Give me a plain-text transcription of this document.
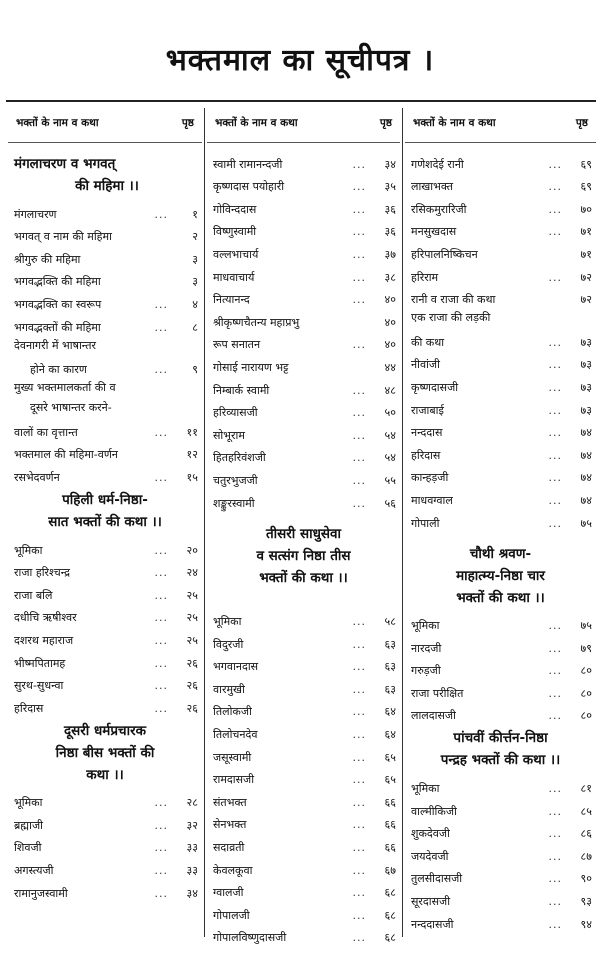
भक्तमाल का सूचीपत्र ।
भक्तों के नाम व कथा	पृष्ठ
मंगलाचरण व भगवत्
की महिमा ।।
मंगलाचरण	...	१
भगवत् व नाम की महिमा	२
श्रीगुरु की महिमा	३
भगवद्भक्ति की महिमा	३
भगवद्भक्ति का स्वरूप	...	४
भगवद्भक्तों की महिमा	...	८
देवनागरी में भाषान्तर
होने का कारण	...	९
मुख्य भक्तमालकर्ता की व
दूसरे भाषान्तर करने-
वालों का वृत्तान्त	...	११
भक्तमाल की महिमा-वर्णन	१२
रसभेदवर्णन	...	१५
पहिली धर्म-निष्ठा-
सात भक्तों की कथा ।।
भूमिका	...	२०
राजा हरिश्चन्द्र	...	२४
राजा बलि	...	२५
दधीचि ऋषीश्वर	...	२५
दशरथ महाराज	...	२५
भीष्मपितामह	...	२६
सुरथ-सुधन्वा	...	२६
हरिदास	...	२६
दूसरी धर्मप्रचारक
निष्ठा बीस भक्तों की
कथा ।।
भूमिका	...	२८
ब्रह्माजी	...	३२
शिवजी	...	३३
अगस्त्यजी	...	३३
रामानुजस्वामी	...	३४
भक्तों के नाम व कथा	पृष्ठ
स्वामी रामानन्दजी	...	३४
कृष्णदास पयोहारी	...	३५
गोविन्ददास	...	३६
विष्णुस्वामी	...	३६
वल्लभाचार्य	...	३७
माधवाचार्य	...	३८
नित्यानन्द	...	४०
श्रीकृष्णचैतन्य महाप्रभु	४०
रूप सनातन	...	४०
गोसाई नारायण भट्ट	४४
निम्बार्क स्वामी	...	४८
हरिव्यासजी	...	५०
सोभूराम	...	५४
हितहरिवंशजी	...	५४
चतुरभुजजी	...	५५
शङ्कुरस्वामी	...	५६
तीसरी साधुसेवा
व सत्संग निष्ठा तीस
भक्तों की कथा ।।
भूमिका	...	५८
विदुरजी	...	६३
भगवानदास	...	६३
वारमुखी	...	६३
तिलोकजी	...	६४
तिलोचनदेव	...	६४
जसूस्वामी	...	६५
रामदासजी	...	६५
संतभक्त	...	६६
सेनभक्त	...	६६
सदाव्रती	...	६६
केवलकूवा	...	६७
ग्वालजी	...	६८
गोपालजी	...	६८
गोपालविष्णुदासजी	...	६८
भक्तों के नाम व कथा	पृष्ठ
गणेशदेई रानी	...	६९
लाखाभक्त	...	६९
रसिकमुरारिजी	...	७०
मनसुखदास	...	७१
हरिपालनिष्किचन	७१
हरिराम	...	७२
रानी व राजा की कथा	७२
एक राजा की लड़की
की कथा	...	७३
नीवांजी	...	७३
कृष्णदासजी	...	७३
राजाबाई	...	७३
नन्ददास	...	७४
हरिदास	...	७४
कान्हड़जी	...	७४
माधवग्वाल	...	७४
गोपाली	...	७५
चौथी श्रवण-
माहात्म्य-निष्ठा चार
भक्तों की कथा ।।
भूमिका	...	७५
नारदजी	...	७९
गरुड़जी	...	८०
राजा परीक्षित	...	८०
लालदासजी	...	८०
पांचवीं कीर्त्तन-निष्ठा
पन्द्रह भक्तों की कथा ।।
भूमिका	...	८१
वाल्मीकिजी	...	८५
शुकदेवजी	...	८६
जयदेवजी	...	८७
तुलसीदासजी	...	९०
सूरदासजी	...	९३
नन्ददासजी	...	९४
